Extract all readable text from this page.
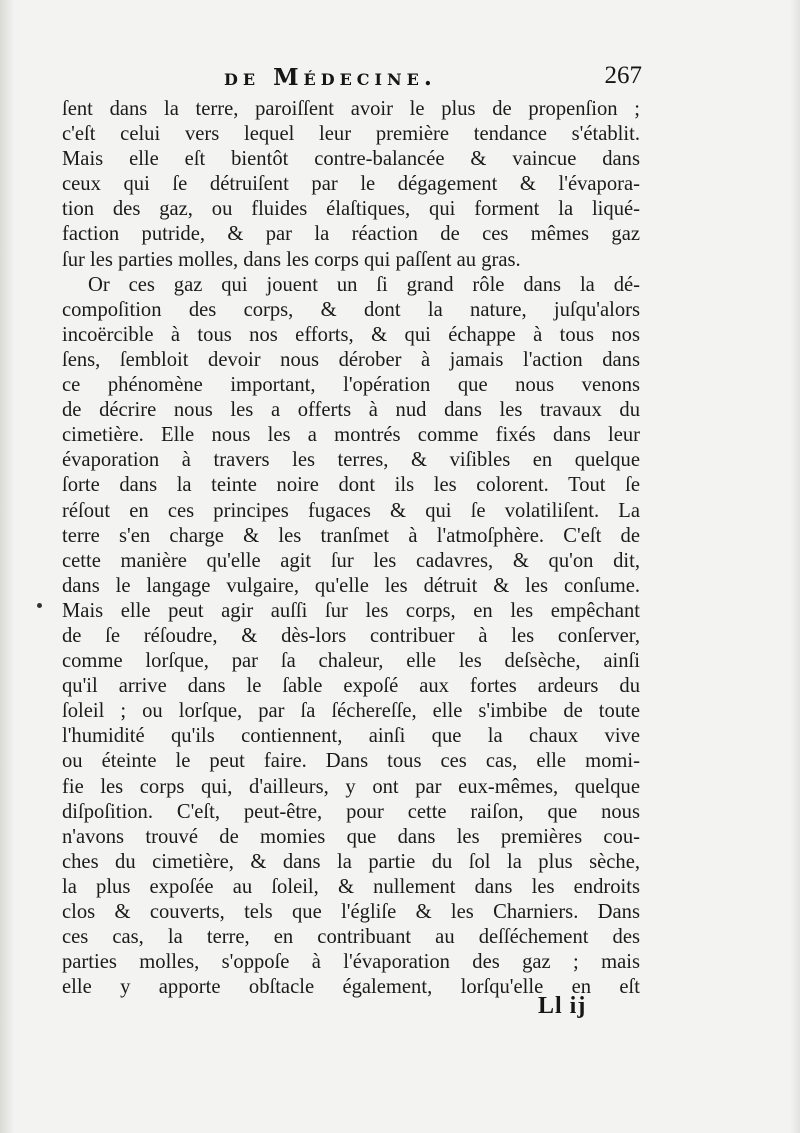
de Médecine.	267
ſent dans la terre, paroiſſent avoir le plus de propenſion ;
c'eſt celui vers lequel leur première tendance s'établit.
Mais elle eſt bientôt contre-balancée & vaincue dans
ceux qui ſe détruiſent par le dégagement & l'évapora-
tion des gaz, ou fluides élaſtiques, qui forment la liqué-
faction putride, & par la réaction de ces mêmes gaz
ſur les parties molles, dans les corps qui paſſent au gras.
Or ces gaz qui jouent un ſi grand rôle dans la dé-
compoſition des corps, & dont la nature, juſqu'alors
incoërcible à tous nos efforts, & qui échappe à tous nos
ſens, ſembloit devoir nous dérober à jamais l'action dans
ce phénomène important, l'opération que nous venons
de décrire nous les a offerts à nud dans les travaux du
cimetière. Elle nous les a montrés comme fixés dans leur
évaporation à travers les terres, & viſibles en quelque
ſorte dans la teinte noire dont ils les colorent. Tout ſe
réſout en ces principes fugaces & qui ſe volatiliſent. La
terre s'en charge & les tranſmet à l'atmoſphère. C'eſt de
cette manière qu'elle agit ſur les cadavres, & qu'on dit,
dans le langage vulgaire, qu'elle les détruit & les conſume.
Mais elle peut agir auſſi ſur les corps, en les empêchant
de ſe réſoudre, & dès-lors contribuer à les conſerver,
comme lorſque, par ſa chaleur, elle les deſsèche, ainſi
qu'il arrive dans le ſable expoſé aux fortes ardeurs du
ſoleil ; ou lorſque, par ſa ſéchereſſe, elle s'imbibe de toute
l'humidité qu'ils contiennent, ainſi que la chaux vive
ou éteinte le peut faire. Dans tous ces cas, elle momi-
fie les corps qui, d'ailleurs, y ont par eux-mêmes, quelque
diſpoſition. C'eſt, peut-être, pour cette raiſon, que nous
n'avons trouvé de momies que dans les premières cou-
ches du cimetière, & dans la partie du ſol la plus sèche,
la plus expoſée au ſoleil, & nullement dans les endroits
clos & couverts, tels que l'égliſe & les Charniers. Dans
ces cas, la terre, en contribuant au deſſéchement des
parties molles, s'oppoſe à l'évaporation des gaz ; mais
elle y apporte obſtacle également, lorſqu'elle en eſt
Ll ij
